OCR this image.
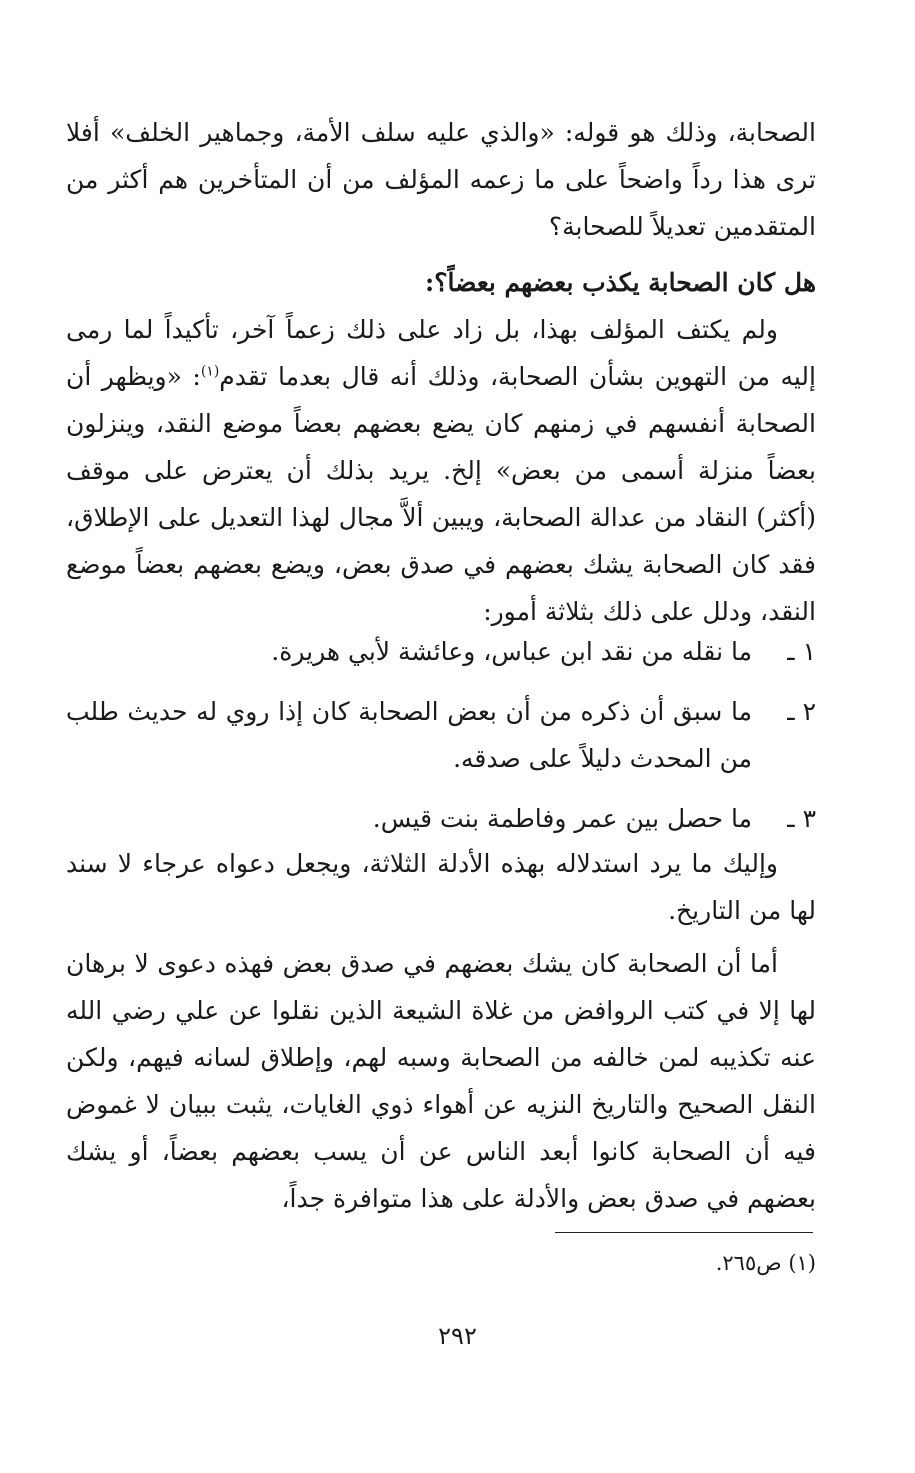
الصحابة، وذلك هو قوله: «والذي عليه سلف الأمة، وجماهير الخلف» أفلا ترى هذا رداً واضحاً على ما زعمه المؤلف من أن المتأخرين هم أكثر من المتقدمين تعديلاً للصحابة؟

هل كان الصحابة يكذب بعضهم بعضاً؟:

ولم يكتف المؤلف بهذا، بل زاد على ذلك زعماً آخر، تأكيداً لما رمى إليه من التهوين بشأن الصحابة، وذلك أنه قال بعدما تقدم$^{(١)}$: «ويظهر أن الصحابة أنفسهم في زمنهم كان يضع بعضهم بعضاً موضع النقد، وينزلون بعضاً منزلة أسمى من بعض» إلخ. يريد بذلك أن يعترض على موقف (أكثر) النقاد من عدالة الصحابة، ويبين ألاَّ مجال لهذا التعديل على الإطلاق، فقد كان الصحابة يشك بعضهم في صدق بعض، ويضع بعضهم بعضاً موضع النقد، ودلل على ذلك بثلاثة أمور:

١ ـ
ما نقله من نقد ابن عباس، وعائشة لأبي هريرة.
٢ ـ
ما سبق أن ذكره من أن بعض الصحابة كان إذا روي له حديث طلب من المحدث دليلاً على صدقه.
٣ ـ
ما حصل بين عمر وفاطمة بنت قيس.

وإليك ما يرد استدلاله بهذه الأدلة الثلاثة، ويجعل دعواه عرجاء لا سند لها من التاريخ.

أما أن الصحابة كان يشك بعضهم في صدق بعض فهذه دعوى لا برهان لها إلا في كتب الروافض من غلاة الشيعة الذين نقلوا عن علي رضي الله عنه تكذيبه لمن خالفه من الصحابة وسبه لهم، وإطلاق لسانه فيهم، ولكن النقل الصحيح والتاريخ النزيه عن أهواء ذوي الغايات، يثبت ببيان لا غموض فيه أن الصحابة كانوا أبعد الناس عن أن يسب بعضهم بعضاً، أو يشك بعضهم في صدق بعض والأدلة على هذا متوافرة جداً،

(١) ص٢٦٥.
٢٩٢
